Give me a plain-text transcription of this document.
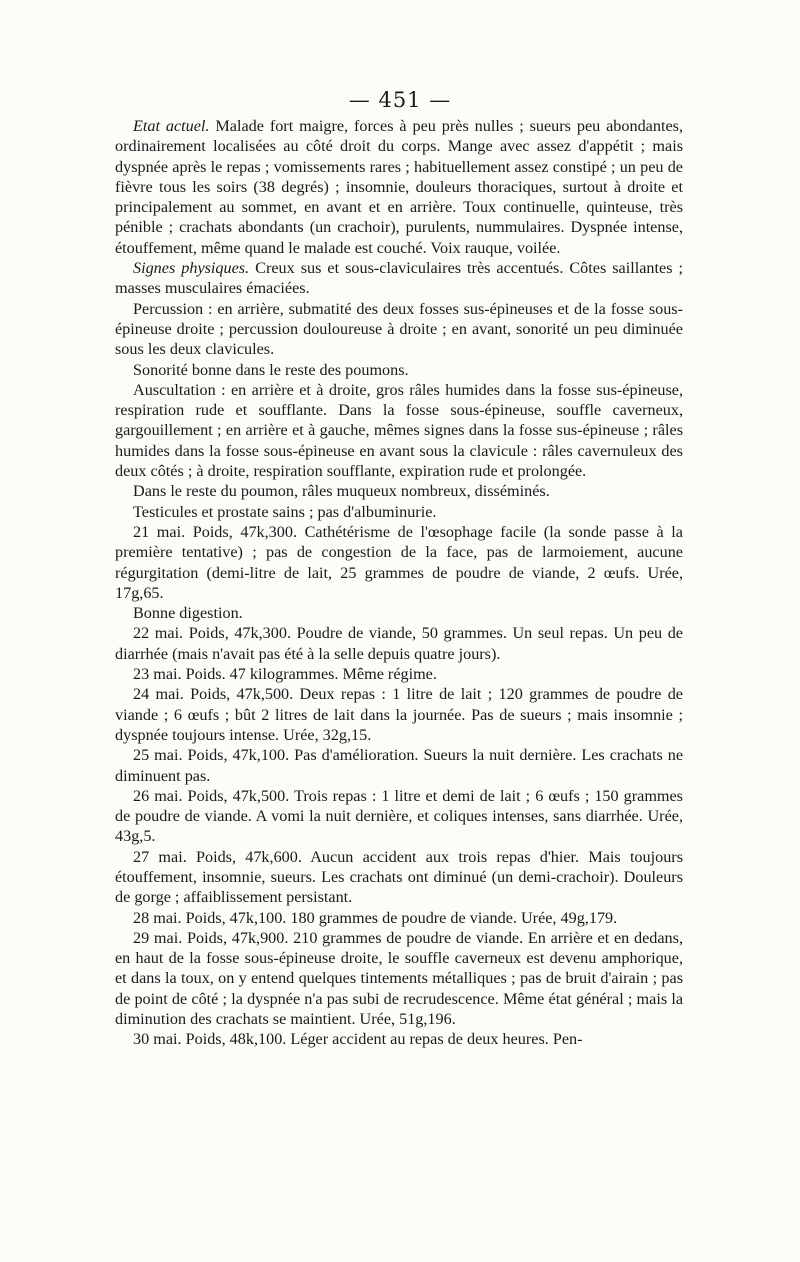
— 451 —

Etat actuel. Malade fort maigre, forces à peu près nulles ; sueurs peu abondantes, ordinairement localisées au côté droit du corps. Mange avec assez d'appétit ; mais dyspnée après le repas ; vomissements rares ; habituellement assez constipé ; un peu de fièvre tous les soirs (38 degrés) ; insomnie, douleurs thoraciques, surtout à droite et principalement au sommet, en avant et en arrière. Toux continuelle, quinteuse, très pénible ; crachats abondants (un crachoir), purulents, nummulaires. Dyspnée intense, étouffement, même quand le malade est couché. Voix rauque, voilée.

Signes physiques. Creux sus et sous-claviculaires très accentués. Côtes saillantes ; masses musculaires émaciées.

Percussion : en arrière, submatité des deux fosses sus-épineuses et de la fosse sous-épineuse droite ; percussion douloureuse à droite ; en avant, sonorité un peu diminuée sous les deux clavicules.

Sonorité bonne dans le reste des poumons.

Auscultation : en arrière et à droite, gros râles humides dans la fosse sus-épineuse, respiration rude et soufflante. Dans la fosse sous-épineuse, souffle caverneux, gargouillement ; en arrière et à gauche, mêmes signes dans la fosse sus-épineuse ; râles humides dans la fosse sous-épineuse en avant sous la clavicule : râles cavernuleux des deux côtés ; à droite, respiration soufflante, expiration rude et prolongée.

Dans le reste du poumon, râles muqueux nombreux, disséminés.

Testicules et prostate sains ; pas d'albuminurie.

21 mai. Poids, 47k,300. Cathétérisme de l'œsophage facile (la sonde passe à la première tentative) ; pas de congestion de la face, pas de larmoiement, aucune régurgitation (demi-litre de lait, 25 grammes de poudre de viande, 2 œufs. Urée, 17g,65.

Bonne digestion.

22 mai. Poids, 47k,300. Poudre de viande, 50 grammes. Un seul repas. Un peu de diarrhée (mais n'avait pas été à la selle depuis quatre jours).

23 mai. Poids. 47 kilogrammes. Même régime.

24 mai. Poids, 47k,500. Deux repas : 1 litre de lait ; 120 grammes de poudre de viande ; 6 œufs ; bût 2 litres de lait dans la journée. Pas de sueurs ; mais insomnie ; dyspnée toujours intense. Urée, 32g,15.

25 mai. Poids, 47k,100. Pas d'amélioration. Sueurs la nuit dernière. Les crachats ne diminuent pas.

26 mai. Poids, 47k,500. Trois repas : 1 litre et demi de lait ; 6 œufs ; 150 grammes de poudre de viande. A vomi la nuit dernière, et coliques intenses, sans diarrhée. Urée, 43g,5.

27 mai. Poids, 47k,600. Aucun accident aux trois repas d'hier. Mais toujours étouffement, insomnie, sueurs. Les crachats ont diminué (un demi-crachoir). Douleurs de gorge ; affaiblissement persistant.

28 mai. Poids, 47k,100. 180 grammes de poudre de viande. Urée, 49g,179.

29 mai. Poids, 47k,900. 210 grammes de poudre de viande. En arrière et en dedans, en haut de la fosse sous-épineuse droite, le souffle caverneux est devenu amphorique, et dans la toux, on y entend quelques tintements métalliques ; pas de bruit d'airain ; pas de point de côté ; la dyspnée n'a pas subi de recrudescence. Même état général ; mais la diminution des crachats se maintient. Urée, 51g,196.

30 mai. Poids, 48k,100. Léger accident au repas de deux heures. Pen-
